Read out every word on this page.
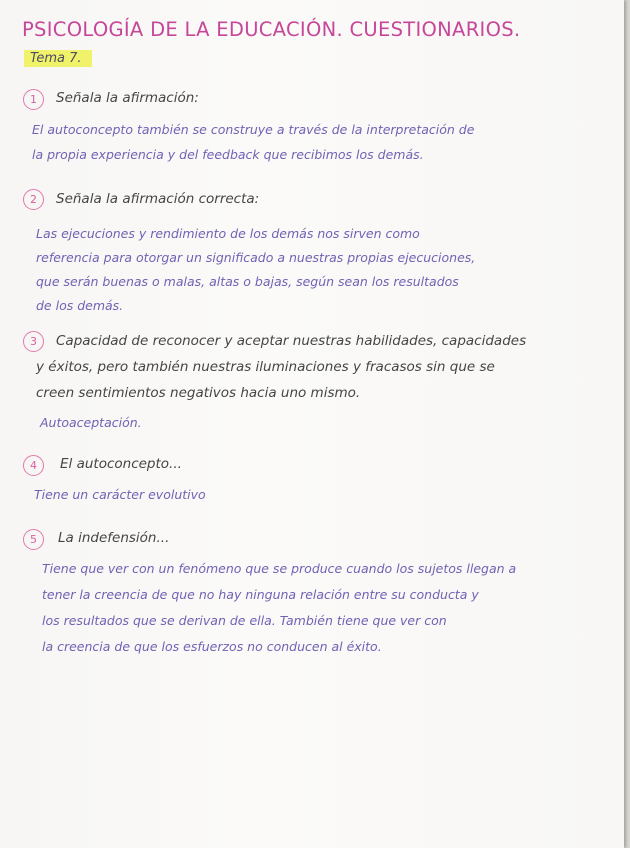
PSICOLOGÍA DE LA EDUCACIÓN. CUESTIONARIOS.
Tema 7.
1	Señala la afirmación:
El autoconcepto también se construye a través de la interpretación de
la propia experiencia y del feedback que recibimos los demás.
2	Señala la afirmación correcta:
Las ejecuciones y rendimiento de los demás nos sirven como
referencia para otorgar un significado a nuestras propias ejecuciones,
que serán buenas o malas, altas o bajas, según sean los resultados
de los demás.
3	Capacidad de reconocer y aceptar nuestras habilidades, capacidades
y éxitos, pero también nuestras iluminaciones y fracasos sin que se
creen sentimientos negativos hacia uno mismo.
Autoaceptación.
4	El autoconcepto...
Tiene un carácter evolutivo
5	La indefensión...
Tiene que ver con un fenómeno que se produce cuando los sujetos llegan a
tener la creencia de que no hay ninguna relación entre su conducta y
los resultados que se derivan de ella. También tiene que ver con
la creencia de que los esfuerzos no conducen al éxito.
